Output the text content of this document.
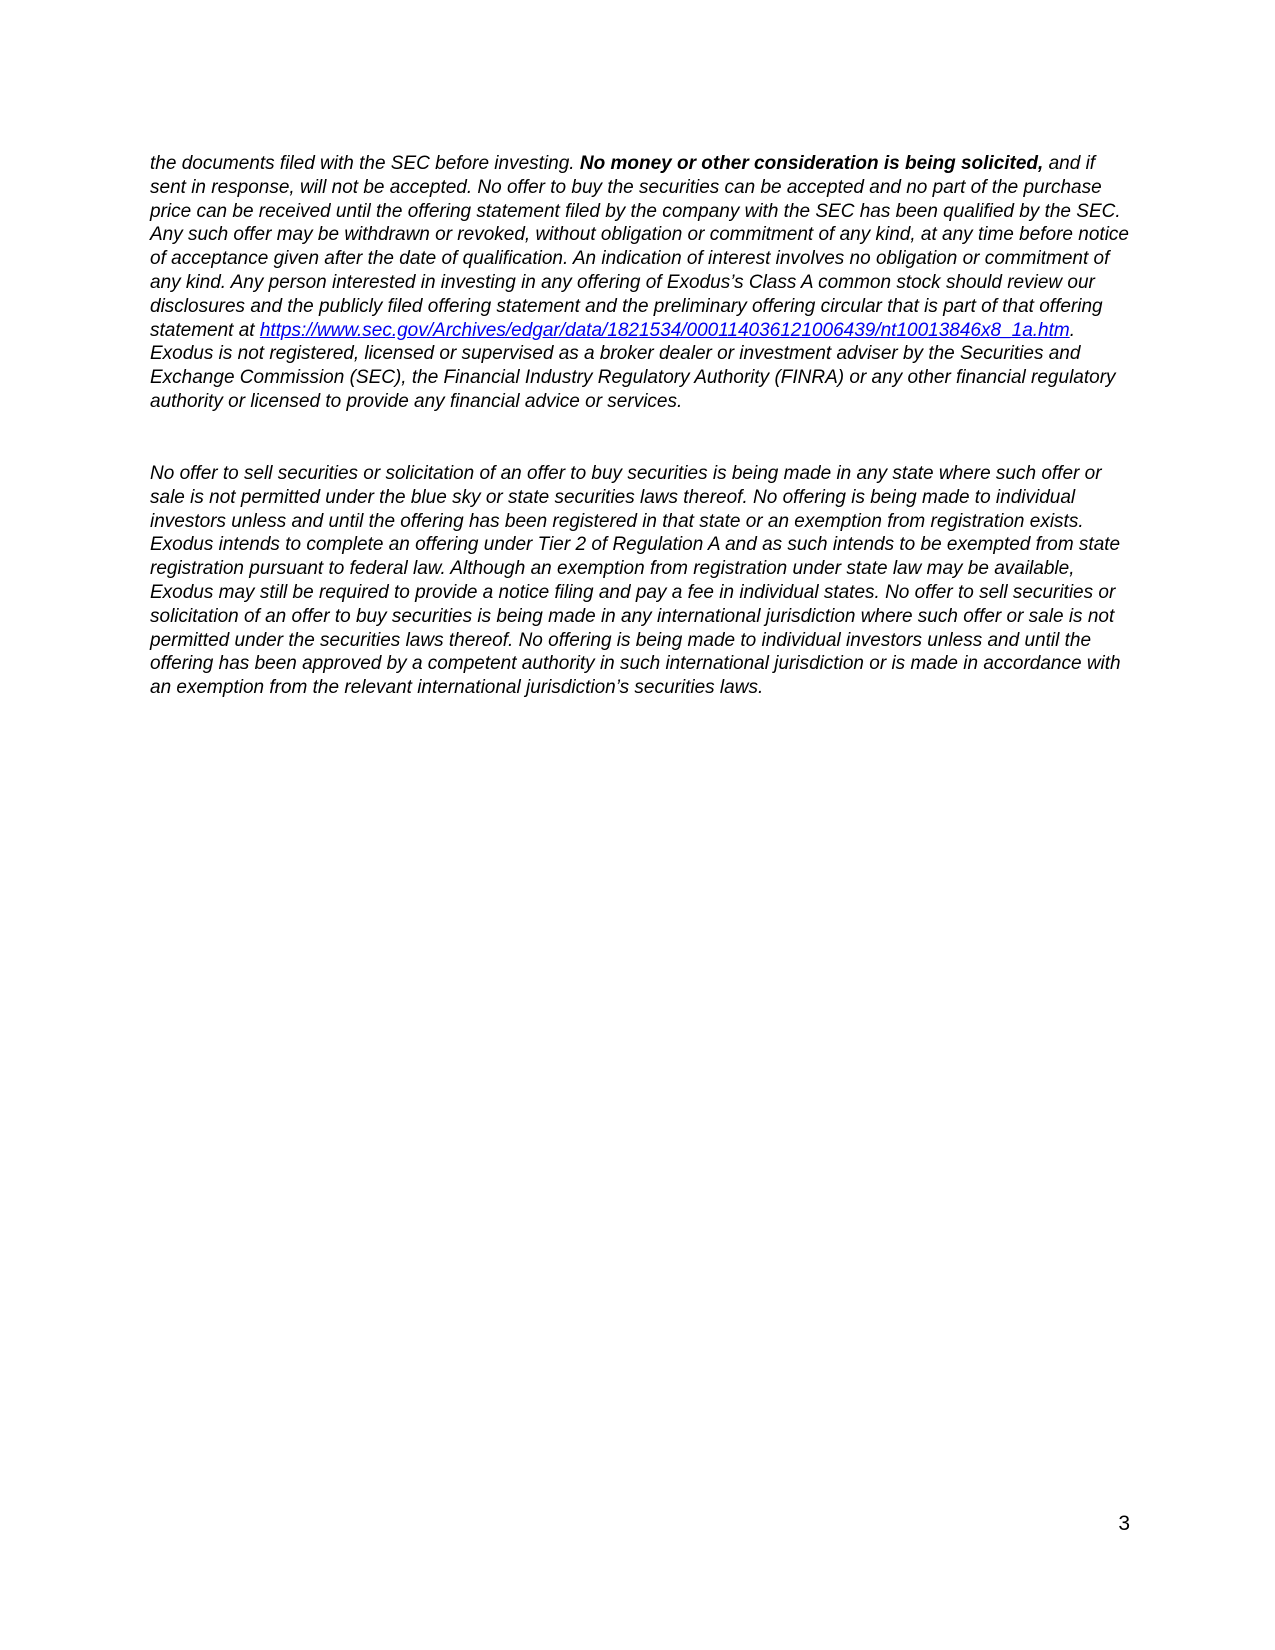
the documents filed with the SEC before investing. No money or other consideration is being solicited, and if sent in response, will not be accepted. No offer to buy the securities can be accepted and no part of the purchase price can be received until the offering statement filed by the company with the SEC has been qualified by the SEC. Any such offer may be withdrawn or revoked, without obligation or commitment of any kind, at any time before notice of acceptance given after the date of qualification. An indication of interest involves no obligation or commitment of any kind. Any person interested in investing in any offering of Exodus’s Class A common stock should review our disclosures and the publicly filed offering statement and the preliminary offering circular that is part of that offering statement at https://www.sec.gov/Archives/edgar/data/1821534/000114036121006439/nt10013846x8_1a.htm. Exodus is not registered, licensed or supervised as a broker dealer or investment adviser by the Securities and Exchange Commission (SEC), the Financial Industry Regulatory Authority (FINRA) or any other financial regulatory authority or licensed to provide any financial advice or services.

No offer to sell securities or solicitation of an offer to buy securities is being made in any state where such offer or sale is not permitted under the blue sky or state securities laws thereof. No offering is being made to individual investors unless and until the offering has been registered in that state or an exemption from registration exists. Exodus intends to complete an offering under Tier 2 of Regulation A and as such intends to be exempted from state registration pursuant to federal law. Although an exemption from registration under state law may be available, Exodus may still be required to provide a notice filing and pay a fee in individual states. No offer to sell securities or solicitation of an offer to buy securities is being made in any international jurisdiction where such offer or sale is not permitted under the securities laws thereof. No offering is being made to individual investors unless and until the offering has been approved by a competent authority in such international jurisdiction or is made in accordance with an exemption from the relevant international jurisdiction’s securities laws.

3
